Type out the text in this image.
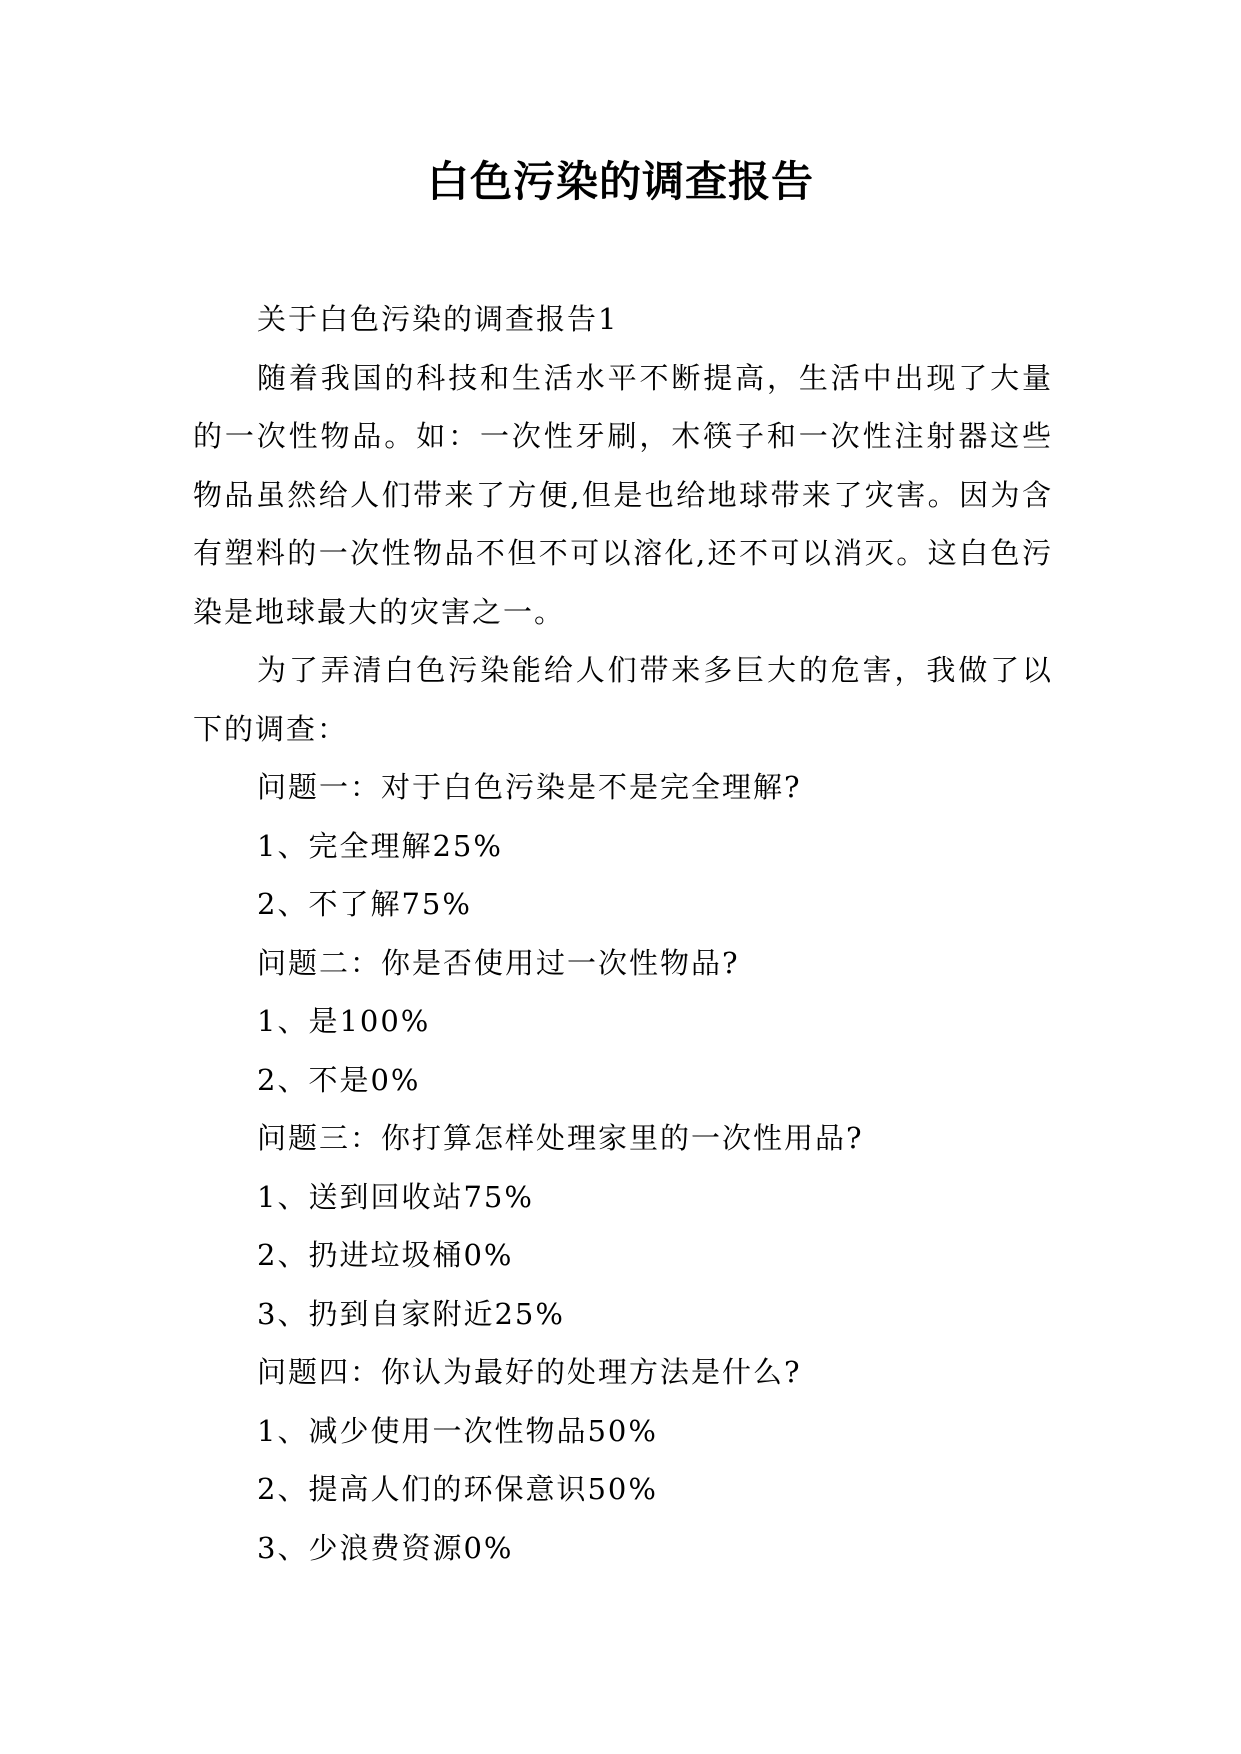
白色污染的调查报告

关于白色污染的调查报告1

随着我国的科技和生活水平不断提高，生活中出现了大量的一次性物品。如：一次性牙刷，木筷子和一次性注射器这些物品虽然给人们带来了方便,但是也给地球带来了灾害。因为含有塑料的一次性物品不但不可以溶化,还不可以消灭。这白色污染是地球最大的灾害之一。

为了弄清白色污染能给人们带来多巨大的危害，我做了以下的调查：

问题一：对于白色污染是不是完全理解?

1、完全理解25%

2、不了解75%

问题二：你是否使用过一次性物品?

1、是100%

2、不是0%

问题三：你打算怎样处理家里的一次性用品?

1、送到回收站75%

2、扔进垃圾桶0%

3、扔到自家附近25%

问题四：你认为最好的处理方法是什么?

1、减少使用一次性物品50%

2、提高人们的环保意识50%

3、少浪费资源0%
